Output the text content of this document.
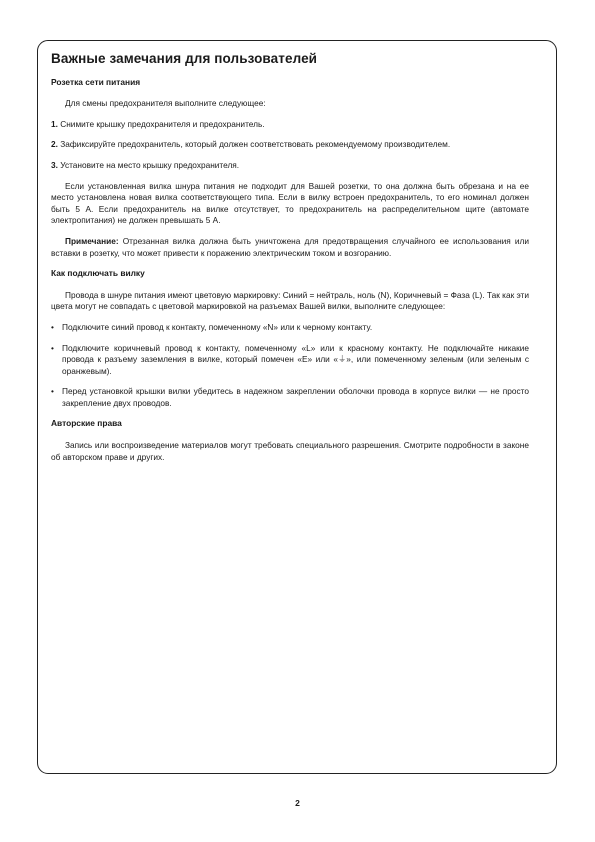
Важные замечания для пользователей
Розетка сети питания

Для смены предохранителя выполните следующее:

1. Снимите крышку предохранителя и предохранитель.

2. Зафиксируйте предохранитель, который должен соответствовать рекомендуемому производителем.

3. Установите на место крышку предохранителя.

Если установленная вилка шнура питания не подходит для Вашей розетки, то она должна быть обрезана и на ее место установлена новая вилка соответствующего типа. Если в вилку встроен предохранитель, то его номинал должен быть 5 А. Если предохранитель на вилке отсутствует, то предохранитель на распределительном щите (автомате электропитания) не должен превышать 5 А.

Примечание: Отрезанная вилка должна быть уничтожена для предотвращения случайного ее использования или вставки в розетку, что может привести к поражению электрическим током и возгоранию.

Как подключать вилку

Провода в шнуре питания имеют цветовую маркировку: Синий = нейтраль, ноль (N), Коричневый = Фаза (L). Так как эти цвета могут не совпадать с цветовой маркировкой на разъемах Вашей вилки, выполните следующее:

• Подключите синий провод к контакту, помеченному «N» или к черному контакту.
• Подключите коричневый провод к контакту, помеченному «L» или к красному контакту. Не подключайте никакие провода к разъему заземления в вилке, который помечен «E» или «⏚», или помеченному зеленым (или зеленым с оранжевым).
• Перед установкой крышки вилки убедитесь в надежном закреплении оболочки провода в корпусе вилки — не просто закрепление двух проводов.
Авторские права

Запись или воспроизведение материалов могут требовать специального разрешения. Смотрите подробности в законе об авторском праве и других.

2
